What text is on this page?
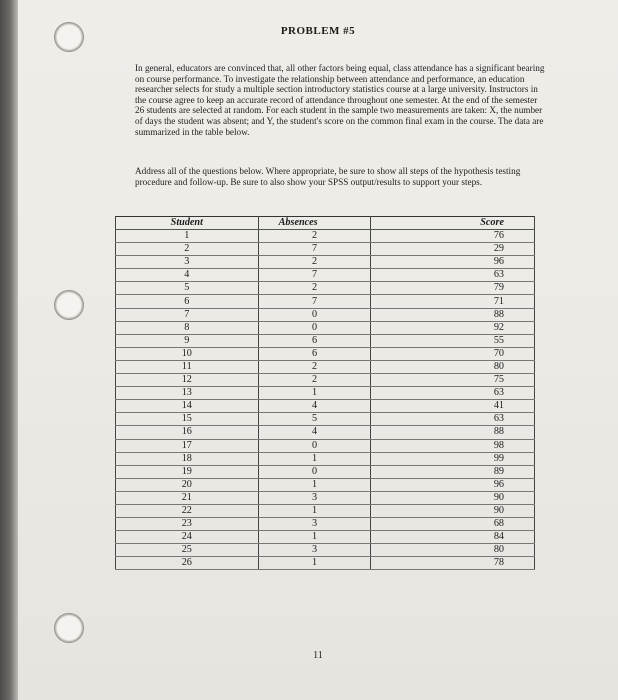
PROBLEM #5
In general, educators are convinced that, all other factors being equal, class attendance has a significant bearing on course performance. To investigate the relationship between attendance and performance, an education researcher selects for study a multiple section introductory statistics course at a large university. Instructors in the course agree to keep an accurate record of attendance throughout one semester. At the end of the semester 26 students are selected at random. For each student in the sample two measurements are taken: X, the number of days the student was absent; and Y, the student's score on the common final exam in the course. The data are summarized in the table below.
Address all of the questions below. Where appropriate, be sure to show all steps of the hypothesis testing procedure and follow-up. Be sure to also show your SPSS output/results to support your steps.
Student	Absences	Score
1	2	76
2	7	29
3	2	96
4	7	63
5	2	79
6	7	71
7	0	88
8	0	92
9	6	55
10	6	70
11	2	80
12	2	75
13	1	63
14	4	41
15	5	63
16	4	88
17	0	98
18	1	99
19	0	89
20	1	96
21	3	90
22	1	90
23	3	68
24	1	84
25	3	80
26	1	78
11
